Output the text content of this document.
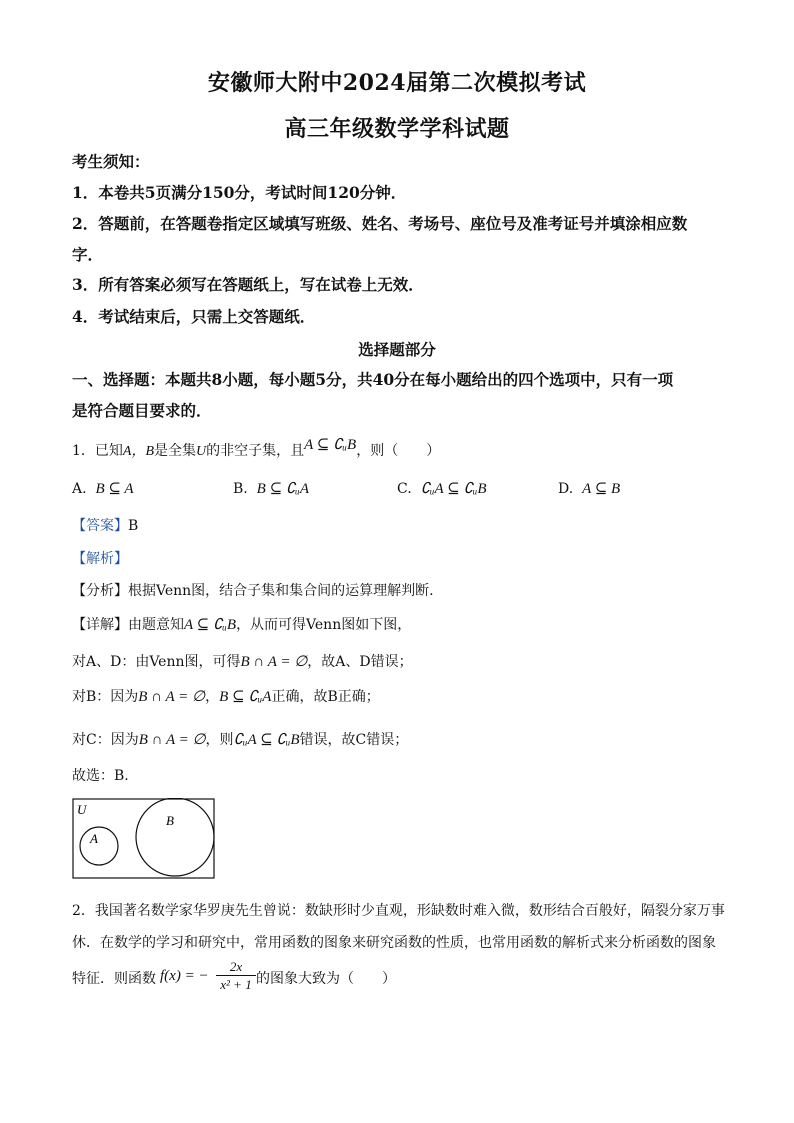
安徽师大附中2024届第二次模拟考试
高三年级数学学科试题
考生须知：
1．本卷共5页满分150分，考试时间120分钟．
2．答题前，在答题卷指定区域填写班级、姓名、考场号、座位号及准考证号并填涂相应数
字．
3．所有答案必须写在答题纸上，写在试卷上无效．
4．考试结束后，只需上交答题纸．
选择题部分
一、选择题：本题共8小题，每小题5分，共40分在每小题给出的四个选项中，只有一项
是符合题目要求的．
1．已知A，B是全集U的非空子集，且A ⊆ ∁ᵤB，则（　　）
A. B ⊆ A	B. B ⊆ ∁ᵤA	C. ∁ᵤA ⊆ ∁ᵤB	D. A ⊆ B
【答案】B
【解析】
【分析】根据Venn图，结合子集和集合间的运算理解判断.
【详解】由题意知A ⊆ ∁ᵤB，从而可得Venn图如下图，
对A、D：由Venn图，可得B ∩ A = ∅，故A、D错误；
对B：因为B ∩ A = ∅，B ⊆ ∁ᵤA正确，故B正确；
对C：因为B ∩ A = ∅，则∁ᵤA ⊆ ∁ᵤB错误，故C错误；
故选：B.
U
A
B
2．我国著名数学家华罗庚先生曾说：数缺形时少直观，形缺数时难入微，数形结合百般好，隔裂分家万事
休．在数学的学习和研究中，常用函数的图象来研究函数的性质，也常用函数的解析式来分析函数的图象
特征．则函数 f(x) = −
2x
x² + 1 的图象大致为（　　）
